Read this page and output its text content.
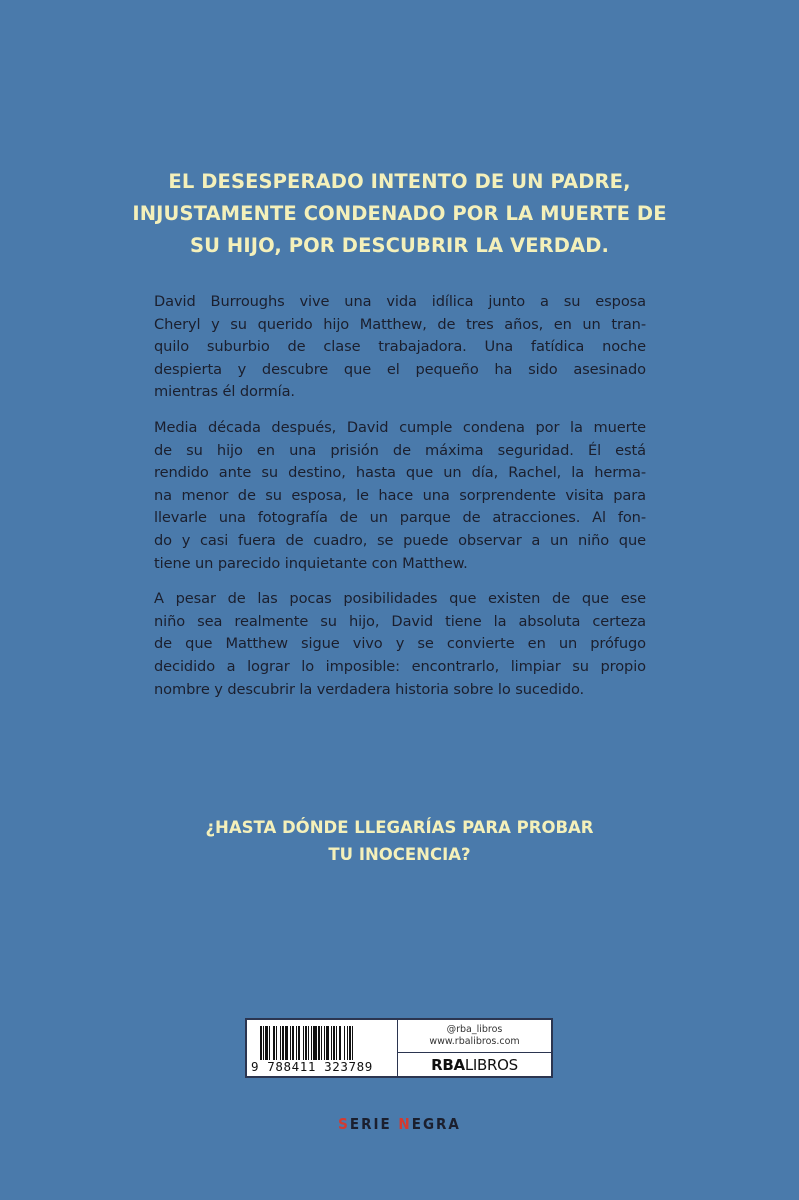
EL DESESPERADO INTENTO DE UN PADRE,
INJUSTAMENTE CONDENADO POR LA MUERTE DE
SU HIJO, POR DESCUBRIR LA VERDAD.
David Burroughs vive una vida idílica junto a su esposa
Cheryl y su querido hijo Matthew, de tres años, en un tran-
quilo suburbio de clase trabajadora. Una fatídica noche
despierta y descubre que el pequeño ha sido asesinado
mientras él dormía.
Media década después, David cumple condena por la muerte
de su hijo en una prisión de máxima seguridad. Él está
rendido ante su destino, hasta que un día, Rachel, la herma-
na menor de su esposa, le hace una sorprendente visita para
llevarle una fotografía de un parque de atracciones. Al fon-
do y casi fuera de cuadro, se puede observar a un niño que
tiene un parecido inquietante con Matthew.
A pesar de las pocas posibilidades que existen de que ese
niño sea realmente su hijo, David tiene la absoluta certeza
de que Matthew sigue vivo y se convierte en un prófugo
decidido a lograr lo imposible: encontrarlo, limpiar su propio
nombre y descubrir la verdadera historia sobre lo sucedido.
¿HASTA DÓNDE LLEGARÍAS PARA PROBAR
TU INOCENCIA?
9 788411 323789
@rba_libros
www.rbalibros.com
RBA LIBROS
SERIE NEGRA
